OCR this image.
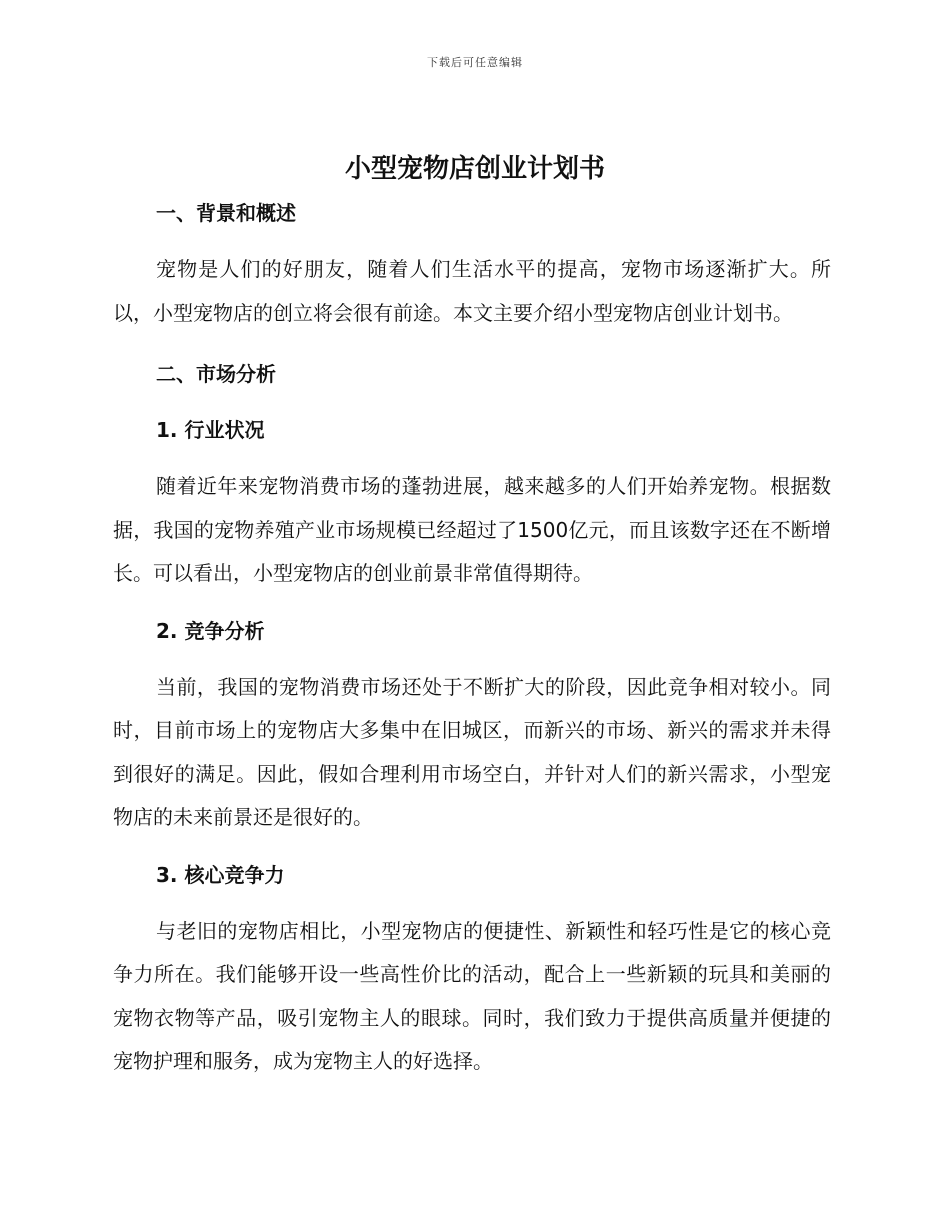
下载后可任意编辑
小型宠物店创业计划书
一、背景和概述

宠物是人们的好朋友，随着人们生活水平的提高，宠物市场逐渐扩大。所以，小型宠物店的创立将会很有前途。本文主要介绍小型宠物店创业计划书。

二、市场分析
1. 行业状况

随着近年来宠物消费市场的蓬勃进展，越来越多的人们开始养宠物。根据数据，我国的宠物养殖产业市场规模已经超过了1500亿元，而且该数字还在不断增长。可以看出，小型宠物店的创业前景非常值得期待。

2. 竞争分析

当前，我国的宠物消费市场还处于不断扩大的阶段，因此竞争相对较小。同时，目前市场上的宠物店大多集中在旧城区，而新兴的市场、新兴的需求并未得到很好的满足。因此，假如合理利用市场空白，并针对人们的新兴需求，小型宠物店的未来前景还是很好的。

3. 核心竞争力

与老旧的宠物店相比，小型宠物店的便捷性、新颖性和轻巧性是它的核心竞争力所在。我们能够开设一些高性价比的活动，配合上一些新颖的玩具和美丽的宠物衣物等产品，吸引宠物主人的眼球。同时，我们致力于提供高质量并便捷的宠物护理和服务，成为宠物主人的好选择。
